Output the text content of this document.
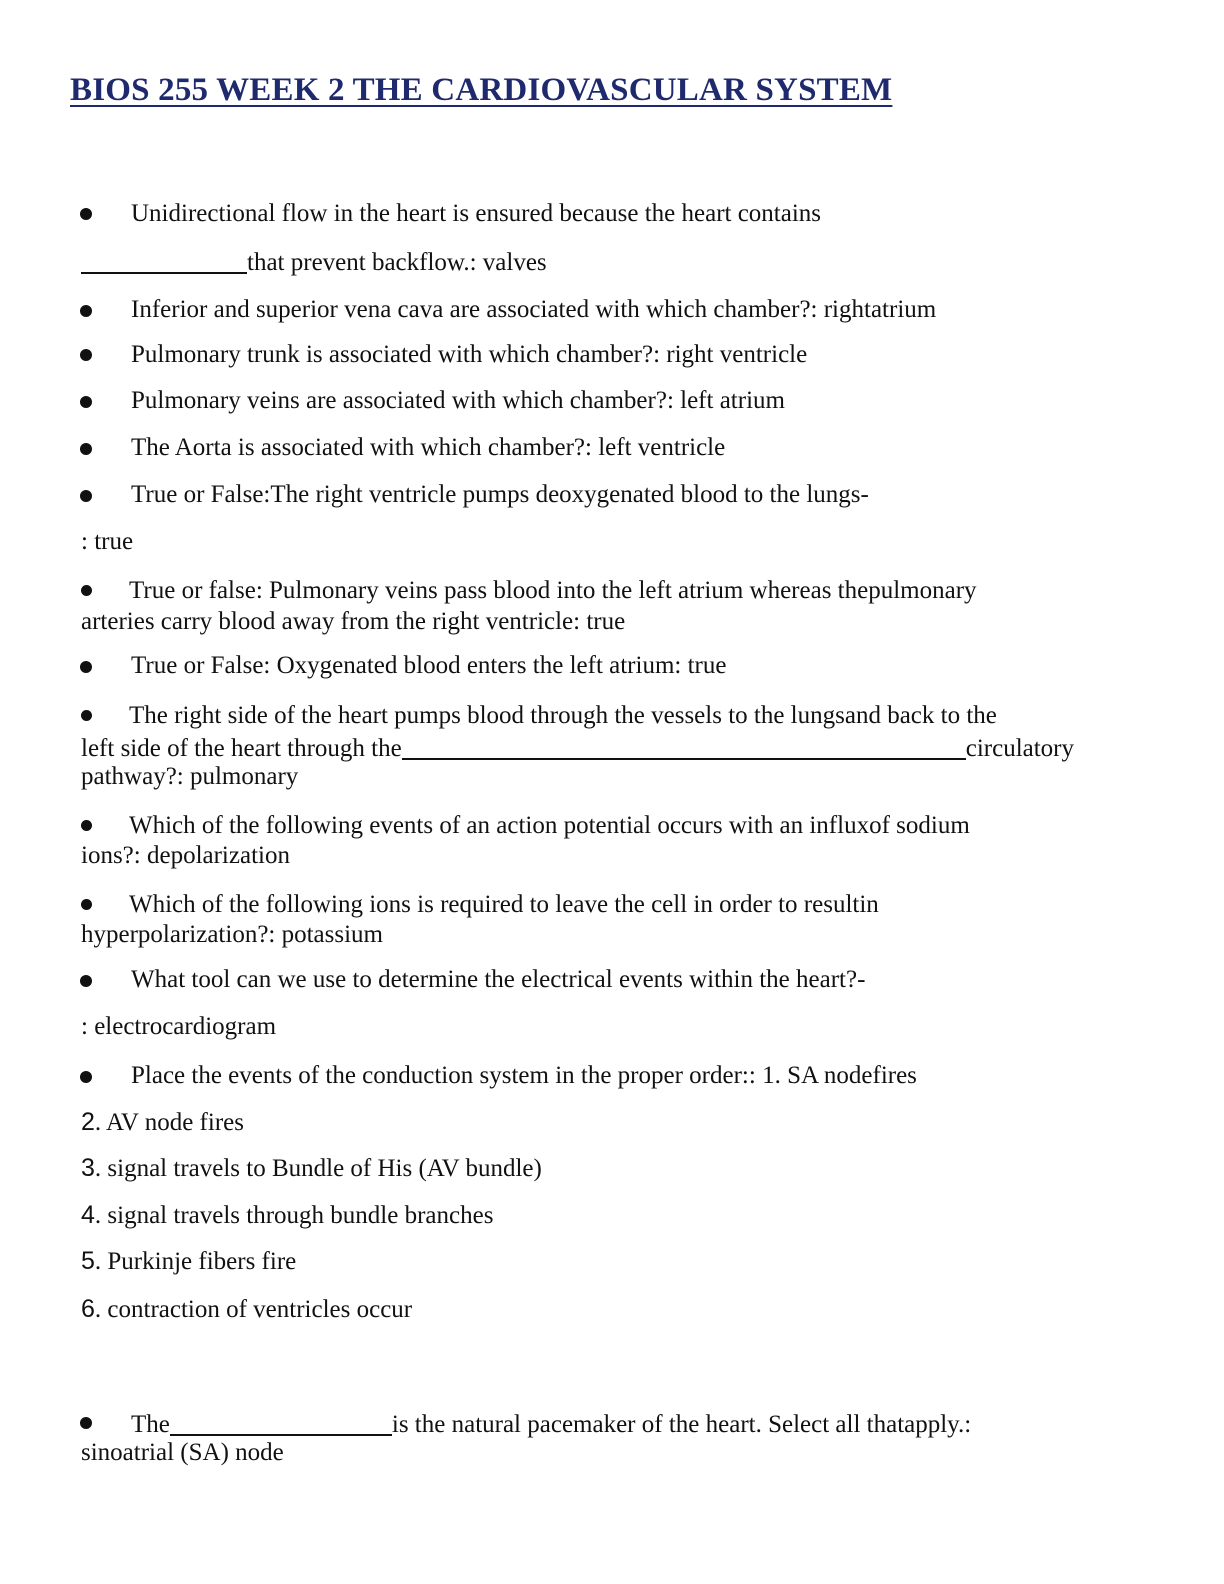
BIOS 255 WEEK 2 THE CARDIOVASCULAR SYSTEM
Unidirectional flow in the heart is ensured because the heart contains
that prevent backflow.: valves
Inferior and superior vena cava are associated with which chamber?: rightatrium
Pulmonary trunk is associated with which chamber?: right ventricle
Pulmonary veins are associated with which chamber?: left atrium
The Aorta is associated with which chamber?: left ventricle
True or False:The right ventricle pumps deoxygenated blood to the lungs-
: true
True or false: Pulmonary veins pass blood into the left atrium whereas thepulmonary
arteries carry blood away from the right ventricle: true
True or False: Oxygenated blood enters the left atrium: true
The right side of the heart pumps blood through the vessels to the lungsand back to the
left side of the heart through the	circulatory
pathway?: pulmonary
Which of the following events of an action potential occurs with an influxof sodium
ions?: depolarization
Which of the following ions is required to leave the cell in order to resultin
hyperpolarization?: potassium
What tool can we use to determine the electrical events within the heart?-
: electrocardiogram
Place the events of the conduction system in the proper order:: 1. SA nodefires
2. AV node fires
3. signal travels to Bundle of His (AV bundle)
4. signal travels through bundle branches
5. Purkinje fibers fire
6. contraction of ventricles occur
The	is the natural pacemaker of the heart. Select all thatapply.:
sinoatrial (SA) node
